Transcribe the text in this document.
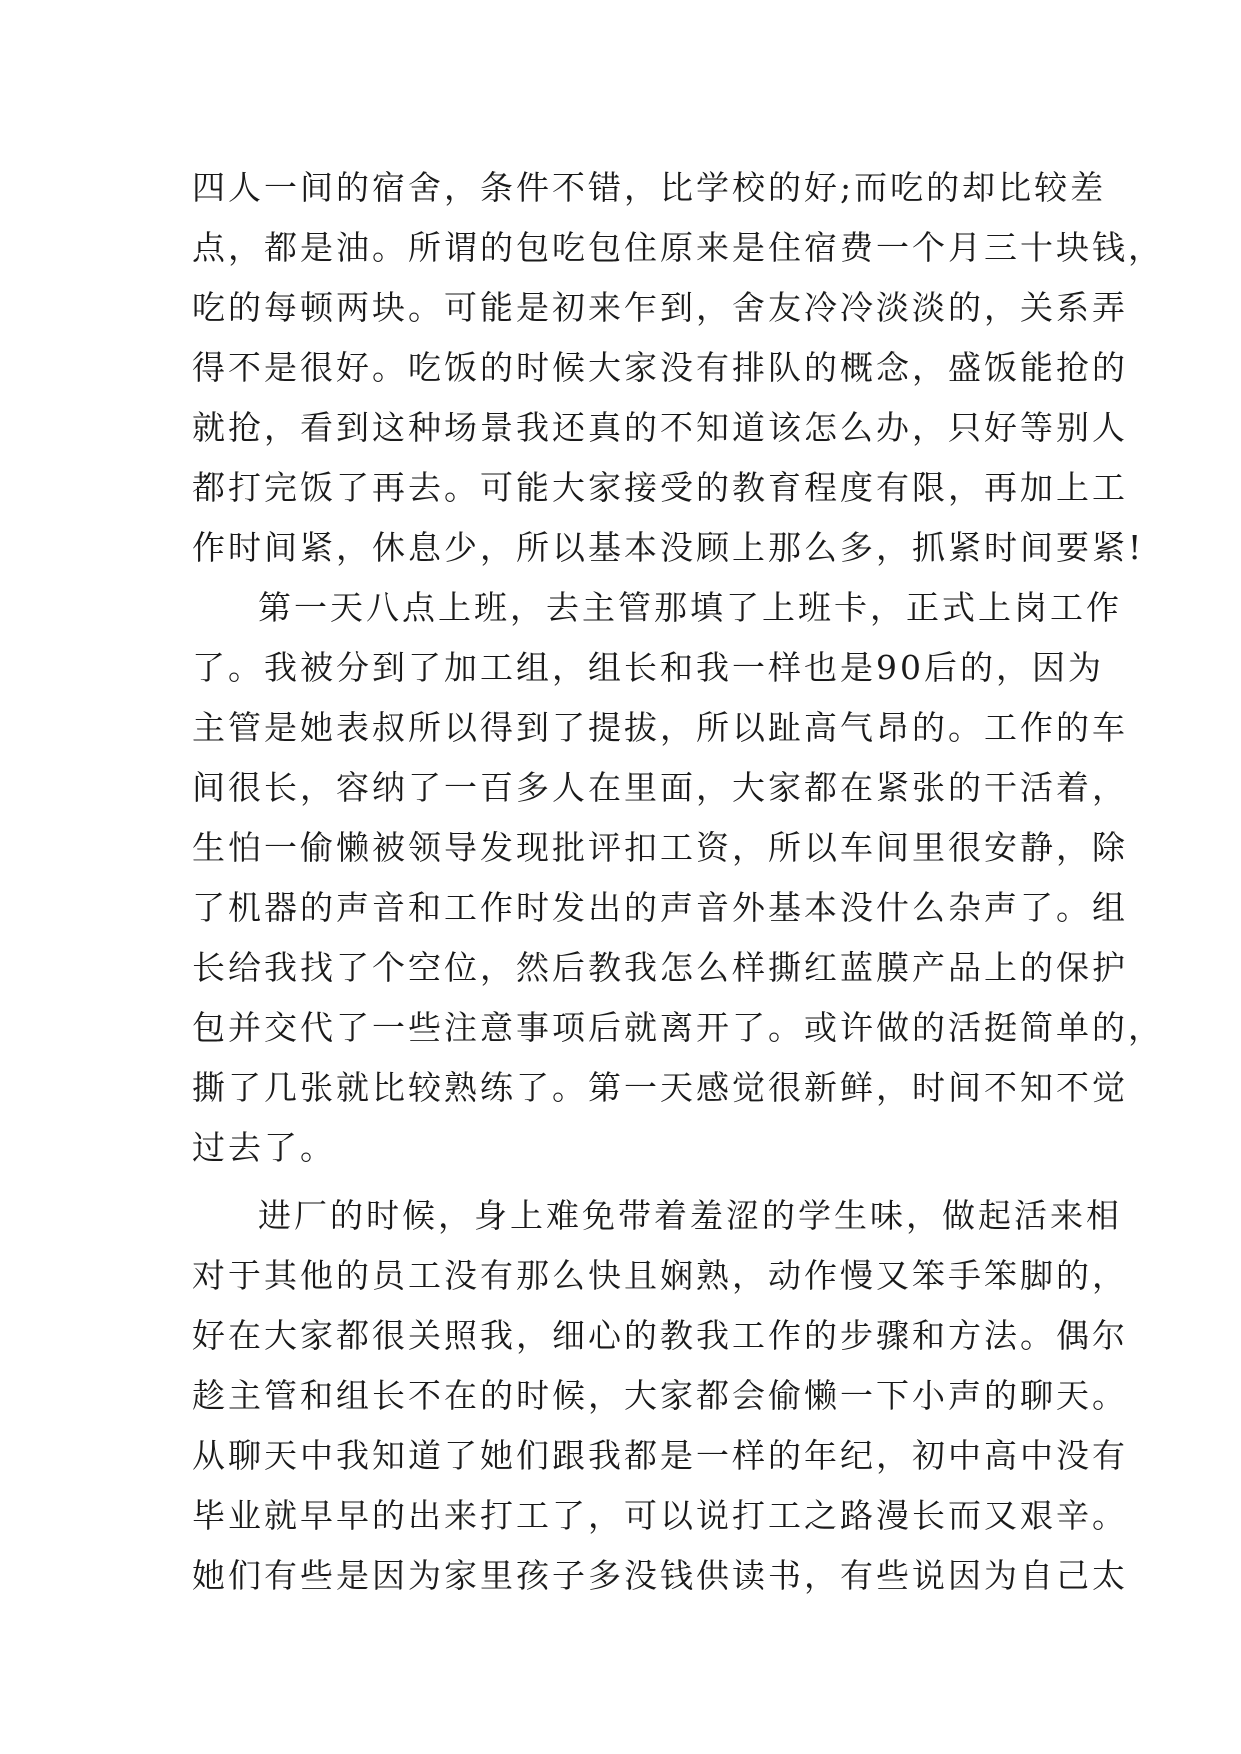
四人一间的宿舍，条件不错，比学校的好;而吃的却比较差
点，都是油。所谓的包吃包住原来是住宿费一个月三十块钱，
吃的每顿两块。可能是初来乍到，舍友冷冷淡淡的，关系弄
得不是很好。吃饭的时候大家没有排队的概念，盛饭能抢的
就抢，看到这种场景我还真的不知道该怎么办，只好等别人
都打完饭了再去。可能大家接受的教育程度有限，再加上工
作时间紧，休息少，所以基本没顾上那么多，抓紧时间要紧!
第一天八点上班，去主管那填了上班卡，正式上岗工作
了。我被分到了加工组，组长和我一样也是90后的，因为
主管是她表叔所以得到了提拔，所以趾高气昂的。工作的车
间很长，容纳了一百多人在里面，大家都在紧张的干活着，
生怕一偷懒被领导发现批评扣工资，所以车间里很安静，除
了机器的声音和工作时发出的声音外基本没什么杂声了。组
长给我找了个空位，然后教我怎么样撕红蓝膜产品上的保护
包并交代了一些注意事项后就离开了。或许做的活挺简单的，
撕了几张就比较熟练了。第一天感觉很新鲜，时间不知不觉
过去了。
进厂的时候，身上难免带着羞涩的学生味，做起活来相
对于其他的员工没有那么快且娴熟，动作慢又笨手笨脚的，
好在大家都很关照我，细心的教我工作的步骤和方法。偶尔
趁主管和组长不在的时候，大家都会偷懒一下小声的聊天。
从聊天中我知道了她们跟我都是一样的年纪，初中高中没有
毕业就早早的出来打工了，可以说打工之路漫长而又艰辛。
她们有些是因为家里孩子多没钱供读书，有些说因为自己太
